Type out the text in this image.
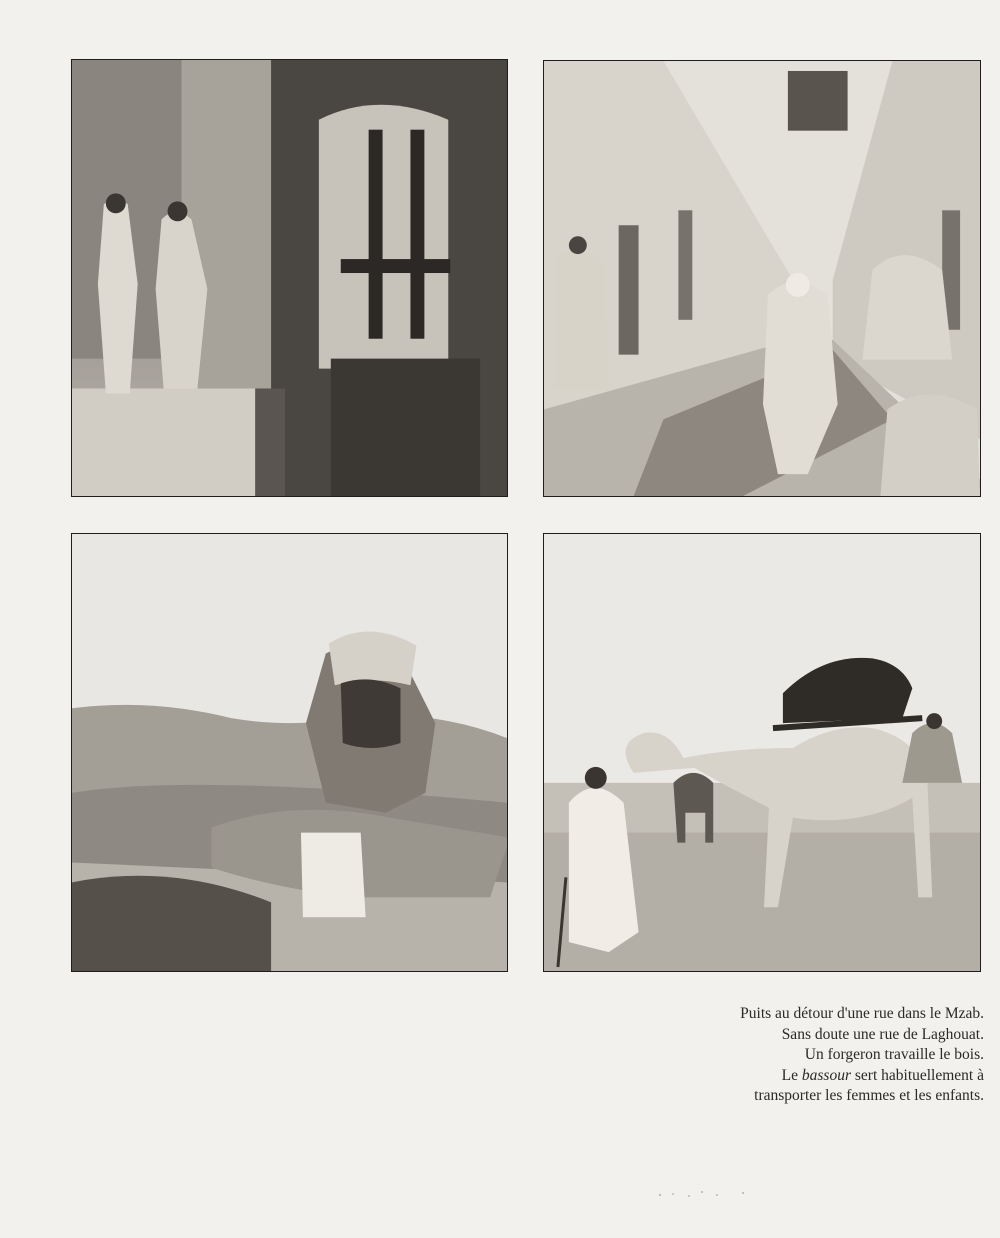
Puits au détour d'une rue dans le Mzab.
Sans doute une rue de Laghouat.
Un forgeron travaille le bois.
Le bassour sert habituellement à
transporter les femmes et les enfants.
